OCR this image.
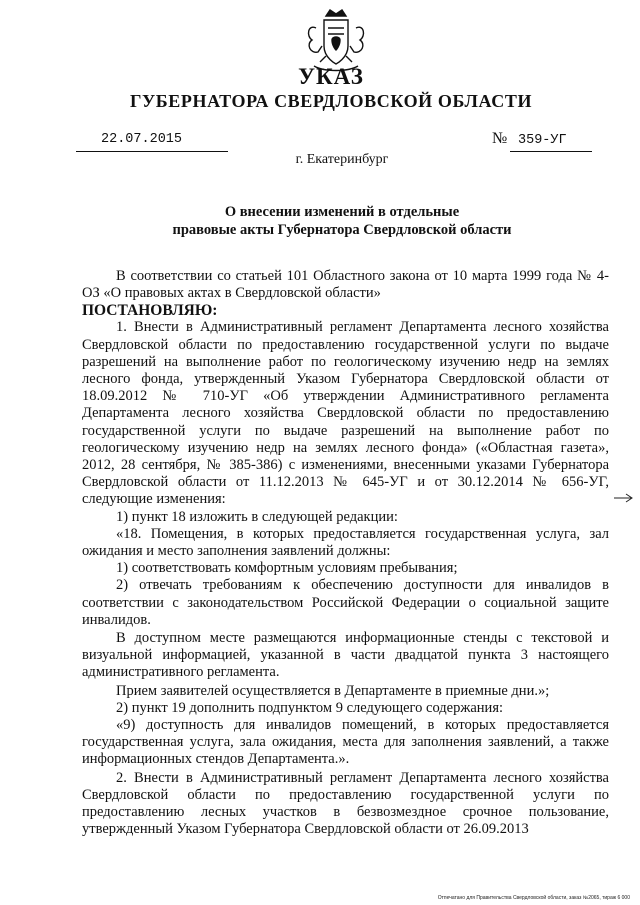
УКАЗ
ГУБЕРНАТОРА СВЕРДЛОВСКОЙ ОБЛАСТИ
22.07.2015	№ 359-УГ
г. Екатеринбург
О внесении изменений в отдельные
правовые акты Губернатора Свердловской области

В соответствии со статьей 101 Областного закона от 10 марта 1999 года № 4-ОЗ «О правовых актах в Свердловской области»

ПОСТАНОВЛЯЮ:

1. Внести в Административный регламент Департамента лесного хозяйства Свердловской области по предоставлению государственной услуги по выдаче разрешений на выполнение работ по геологическому изучению недр на землях лесного фонда, утвержденный Указом Губернатора Свердловской области от 18.09.2012 № 710-УГ «Об утверждении Административного регламента Департамента лесного хозяйства Свердловской области по предоставлению государственной услуги по выдаче разрешений на выполнение работ по геологическому изучению недр на землях лесного фонда» («Областная газета», 2012, 28 сентября, № 385-386) с изменениями, внесенными указами Губернатора Свердловской области от 11.12.2013 № 645-УГ и от 30.12.2014 № 656-УГ, следующие изменения:

1) пункт 18 изложить в следующей редакции:

«18. Помещения, в которых предоставляется государственная услуга, зал ожидания и место заполнения заявлений должны:

1) соответствовать комфортным условиям пребывания;

2) отвечать требованиям к обеспечению доступности для инвалидов в соответствии с законодательством Российской Федерации о социальной защите инвалидов.

В доступном месте размещаются информационные стенды с текстовой и визуальной информацией, указанной в части двадцатой пункта 3 настоящего административного регламента.

Прием заявителей осуществляется в Департаменте в приемные дни.»;

2) пункт 19 дополнить подпунктом 9 следующего содержания:

«9) доступность для инвалидов помещений, в которых предоставляется государственная услуга, зала ожидания, места для заполнения заявлений, а также информационных стендов Департамента.».

2. Внести в Административный регламент Департамента лесного хозяйства Свердловской области по предоставлению государственной услуги по предоставлению лесных участков в безвозмездное срочное пользование, утвержденный Указом Губернатора Свердловской области от 26.09.2013

Отпечатано для Правительства Свердловской области, заказ №2065, тираж 6 000
